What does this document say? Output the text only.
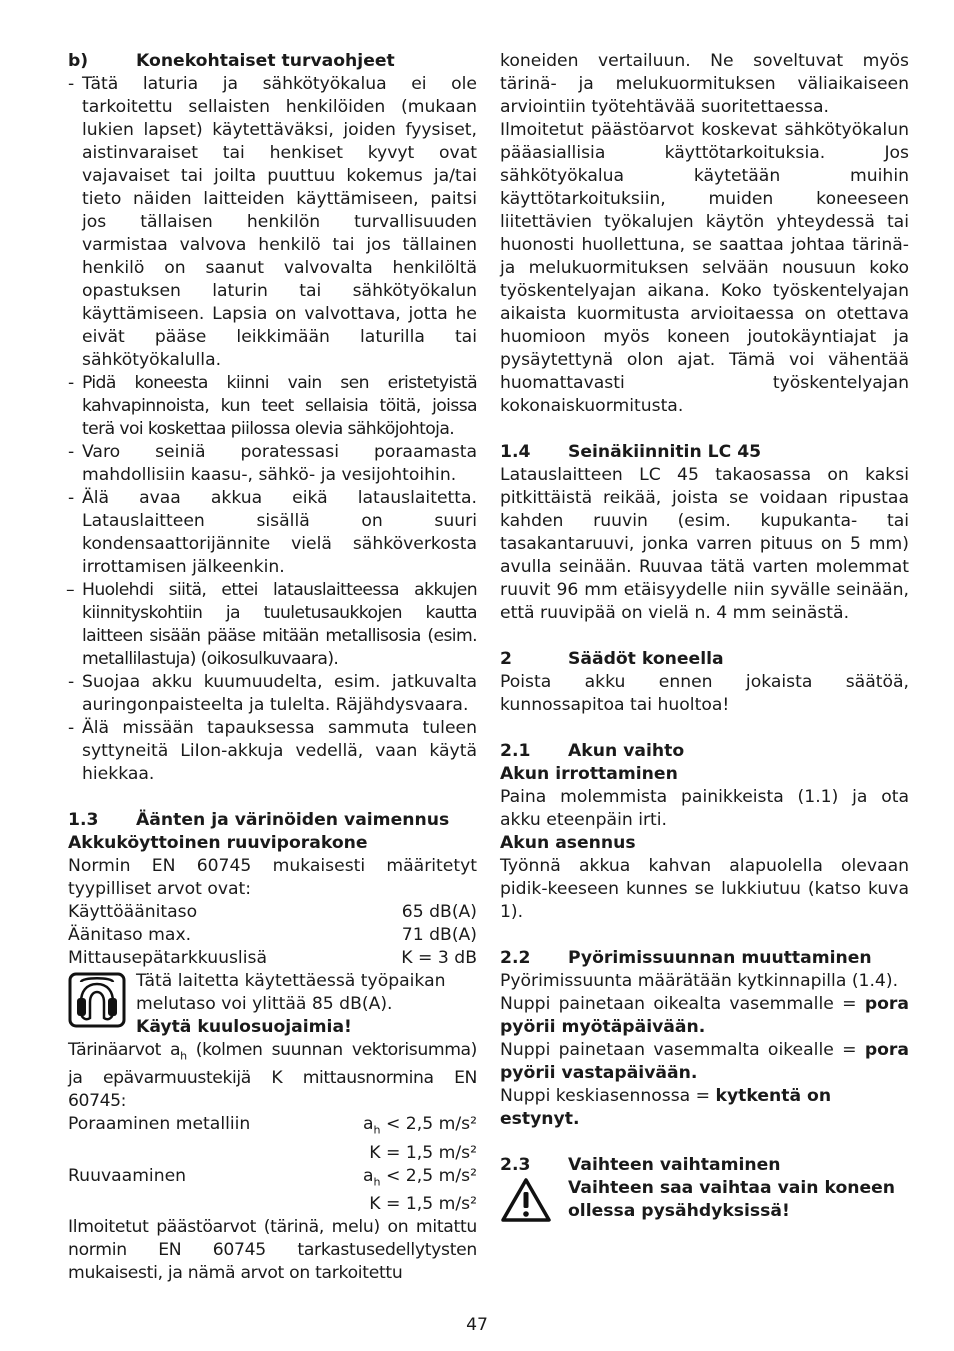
b)	Konekohtaiset turvaohjeet
- Tätä laturia ja sähkötyökalua ei ole tarkoitettu sellaisten henkilöiden (mukaan lukien lapset) käytettäväksi, joiden fyysiset, aistinvaraiset tai henkiset kyvyt ovat vajavaiset tai joilta puuttuu kokemus ja/tai tieto näiden laitteiden käyttämiseen, paitsi jos tällaisen henkilön turvallisuuden varmistaa valvova henkilö tai jos tällainen henkilö on saanut valvovalta henkilöltä opastuksen laturin tai sähkötyökalun käyttämiseen. Lapsia on valvottava, jotta he eivät pääse leikkimään laturilla tai sähkötyökalulla.
- Pidä koneesta kiinni vain sen eristetyistä kahvapinnoista, kun teet sellaisia töitä, joissa terä voi koskettaa piilossa olevia sähköjohtoja.
- Varo seiniä poratessasi poraamasta mahdollisiin kaasu-, sähkö- ja vesijohtoihin.
- Älä avaa akkua eikä latauslaitetta. Latauslaitteen sisällä on suuri kondensaattorijännite vielä sähköverkosta irrottamisen jälkeenkin.
– Huolehdi siitä, ettei latauslaitteessa akkujen kiinnityskohtiin ja tuuletusaukkojen kautta laitteen sisään pääse mitään metallisosia (esim. metallilastuja) (oikosulkuvaara).
- Suojaa akku kuumuudelta, esim. jatkuvalta auringonpaisteelta ja tulelta. Räjähdysvaara.
- Älä missään tapauksessa sammuta tuleen syttyneitä LiIon-akkuja vedellä, vaan käytä hiekkaa.
1.3	Äänten ja värinöiden vaimennus

Akkuköyttoinen ruuviporakone

Normin EN 60745 mukaisesti määritetyt tyypilliset arvot ovat:

Käyttöäänitaso	65 dB(A)
Äänitaso max.	71 dB(A)
Mittausepätarkkuuslisä	K = 3 dB

Tätä laitetta käytettäessä työpaikan melutaso voi ylittää 85 dB(A).

Käytä kuulosuojaimia!

Tärinäarvot $a_h$ (kolmen suunnan vektorisumma) ja epävarmuustekijä K mittausnormina EN 60745:

Poraaminen metalliin	$a_h < 2,5$ m/s²
K = 1,5 m/s²
Ruuvaaminen	$a_h < 2,5$ m/s²
K = 1,5 m/s²

Ilmoitetut päästöarvot (tärinä, melu) on mitattu normin EN 60745 tarkastusedellytysten mukaisesti, ja nämä arvot on tarkoitettu

koneiden vertailuun. Ne soveltuvat myös tärinä- ja melukuormituksen väliaikaiseen arviointiin työtehtävää suoritettaessa.

Ilmoitetut päästöarvot koskevat sähkötyökalun pääasiallisia käyttötarkoituksia. Jos sähkötyökalua käytetään muihin käyttötarkoituksiin, muiden koneeseen liitettävien työkalujen käytön yhteydessä tai huonosti huollettuna, se saattaa johtaa tärinä- ja melukuormituksen selvään nousuun koko työskentelyajan aikana. Koko työskentelyajan aikaista kuormitusta arvioitaessa on otettava huomioon myös koneen joutokäyntiajat ja pysäytettynä olon ajat. Tämä voi vähentää huomattavasti työskentelyajan kokonaiskuormitusta.

1.4	Seinäkiinnitin LC 45

Latauslaitteen LC 45 takaosassa on kaksi pitkittäistä reikää, joista se voidaan ripustaa kahden ruuvin (esim. kupukanta- tai tasakantaruuvi, jonka varren pituus on 5 mm) avulla seinään. Ruuvaa tätä varten molemmat ruuvit 96 mm etäisyydelle niin syvälle seinään, että ruuvipää on vielä n. 4 mm seinästä.

2	Säädöt koneella

Poista akku ennen jokaista säätöä, kunnossapitoa tai huoltoa!

2.1	Akun vaihto

Akun irrottaminen

Paina molemmista painikkeista (1.1) ja ota akku eteenpäin irti.

Akun asennus

Työnnä akkua kahvan alapuolella olevaan pidik-keeseen kunnes se lukkiutuu (katso kuva 1).

2.2	Pyörimissuunnan muuttaminen

Pyörimissuunta määrätään kytkinnapilla (1.4).

Nuppi painetaan oikealta vasemmalle = pora pyörii myötäpäivään.

Nuppi painetaan vasemmalta oikealle = pora pyörii vastapäivään.

Nuppi keskiasennossa = kytkentä on estynyt.

2.3	Vaihteen vaihtaminen
Vaihteen saa vaihtaa vain koneen ollessa pysähdyksissä!
47
